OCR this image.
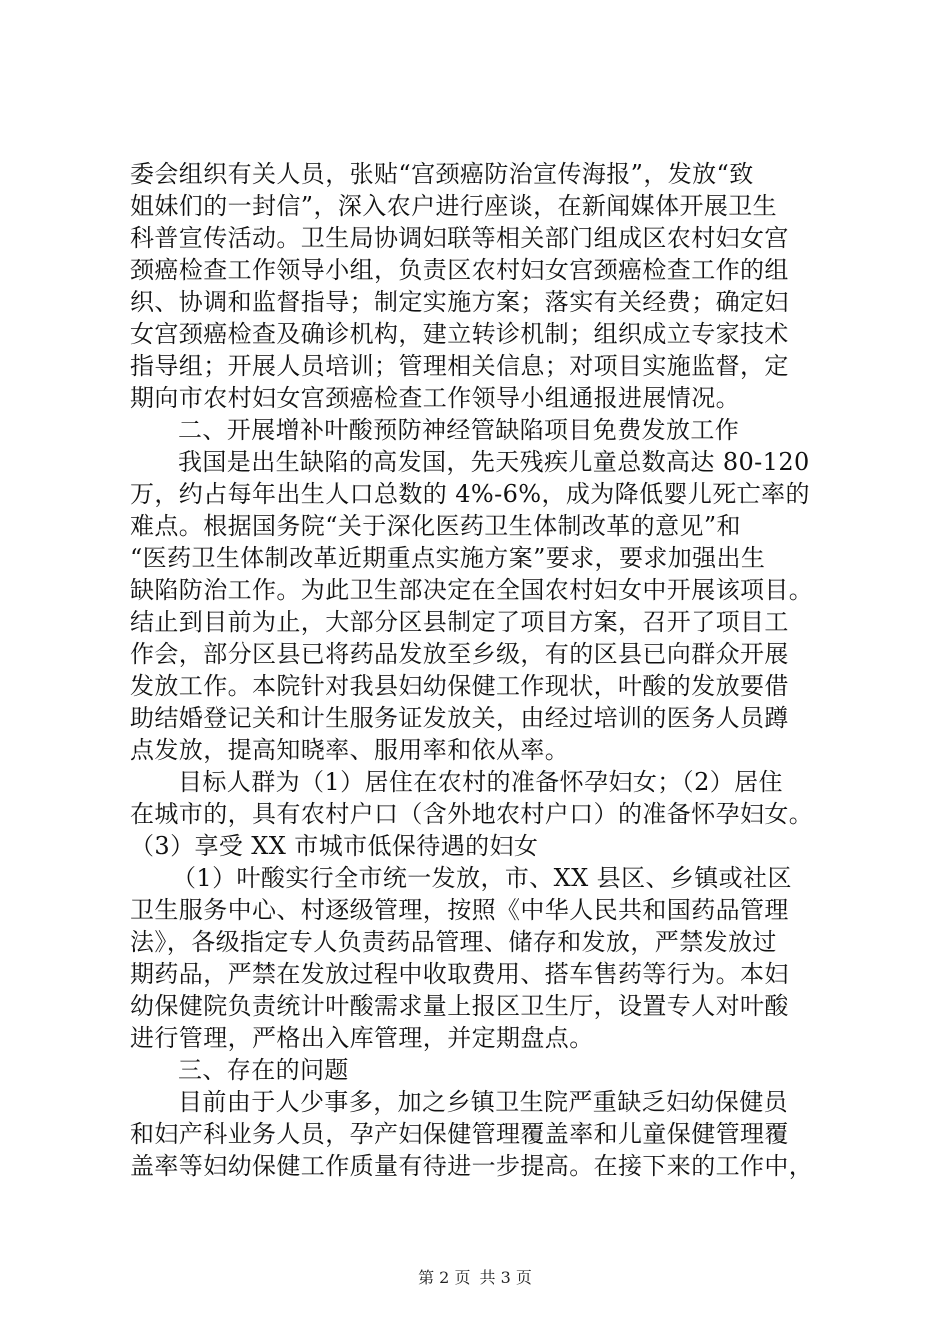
委会组织有关人员，张贴“宫颈癌防治宣传海报”，发放“致
姐妹们的一封信”，深入农户进行座谈，在新闻媒体开展卫生
科普宣传活动。卫生局协调妇联等相关部门组成区农村妇女宫
颈癌检查工作领导小组，负责区农村妇女宫颈癌检查工作的组
织、协调和监督指导；制定实施方案；落实有关经费；确定妇
女宫颈癌检查及确诊机构，建立转诊机制；组织成立专家技术
指导组；开展人员培训；管理相关信息；对项目实施监督，定
期向市农村妇女宫颈癌检查工作领导小组通报进展情况。
二、开展增补叶酸预防神经管缺陷项目免费发放工作
我国是出生缺陷的高发国，先天残疾儿童总数高达 80-120
万，约占每年出生人口总数的 4%-6%，成为降低婴儿死亡率的
难点。根据国务院“关于深化医药卫生体制改革的意见”和
“医药卫生体制改革近期重点实施方案”要求，要求加强出生
缺陷防治工作。为此卫生部决定在全国农村妇女中开展该项目。
结止到目前为止，大部分区县制定了项目方案，召开了项目工
作会，部分区县已将药品发放至乡级，有的区县已向群众开展
发放工作。本院针对我县妇幼保健工作现状，叶酸的发放要借
助结婚登记关和计生服务证发放关，由经过培训的医务人员蹲
点发放，提高知晓率、服用率和依从率。
目标人群为（1）居住在农村的准备怀孕妇女；（2）居住
在城市的，具有农村户口（含外地农村户口）的准备怀孕妇女。
（3）享受 XX 市城市低保待遇的妇女
（1）叶酸实行全市统一发放，市、XX 县区、乡镇或社区
卫生服务中心、村逐级管理，按照《中华人民共和国药品管理
法》，各级指定专人负责药品管理、储存和发放，严禁发放过
期药品，严禁在发放过程中收取费用、搭车售药等行为。本妇
幼保健院负责统计叶酸需求量上报区卫生厅，设置专人对叶酸
进行管理，严格出入库管理，并定期盘点。
三、存在的问题
目前由于人少事多，加之乡镇卫生院严重缺乏妇幼保健员
和妇产科业务人员，孕产妇保健管理覆盖率和儿童保健管理覆
盖率等妇幼保健工作质量有待进一步提高。在接下来的工作中，
第 2 页 共 3 页
